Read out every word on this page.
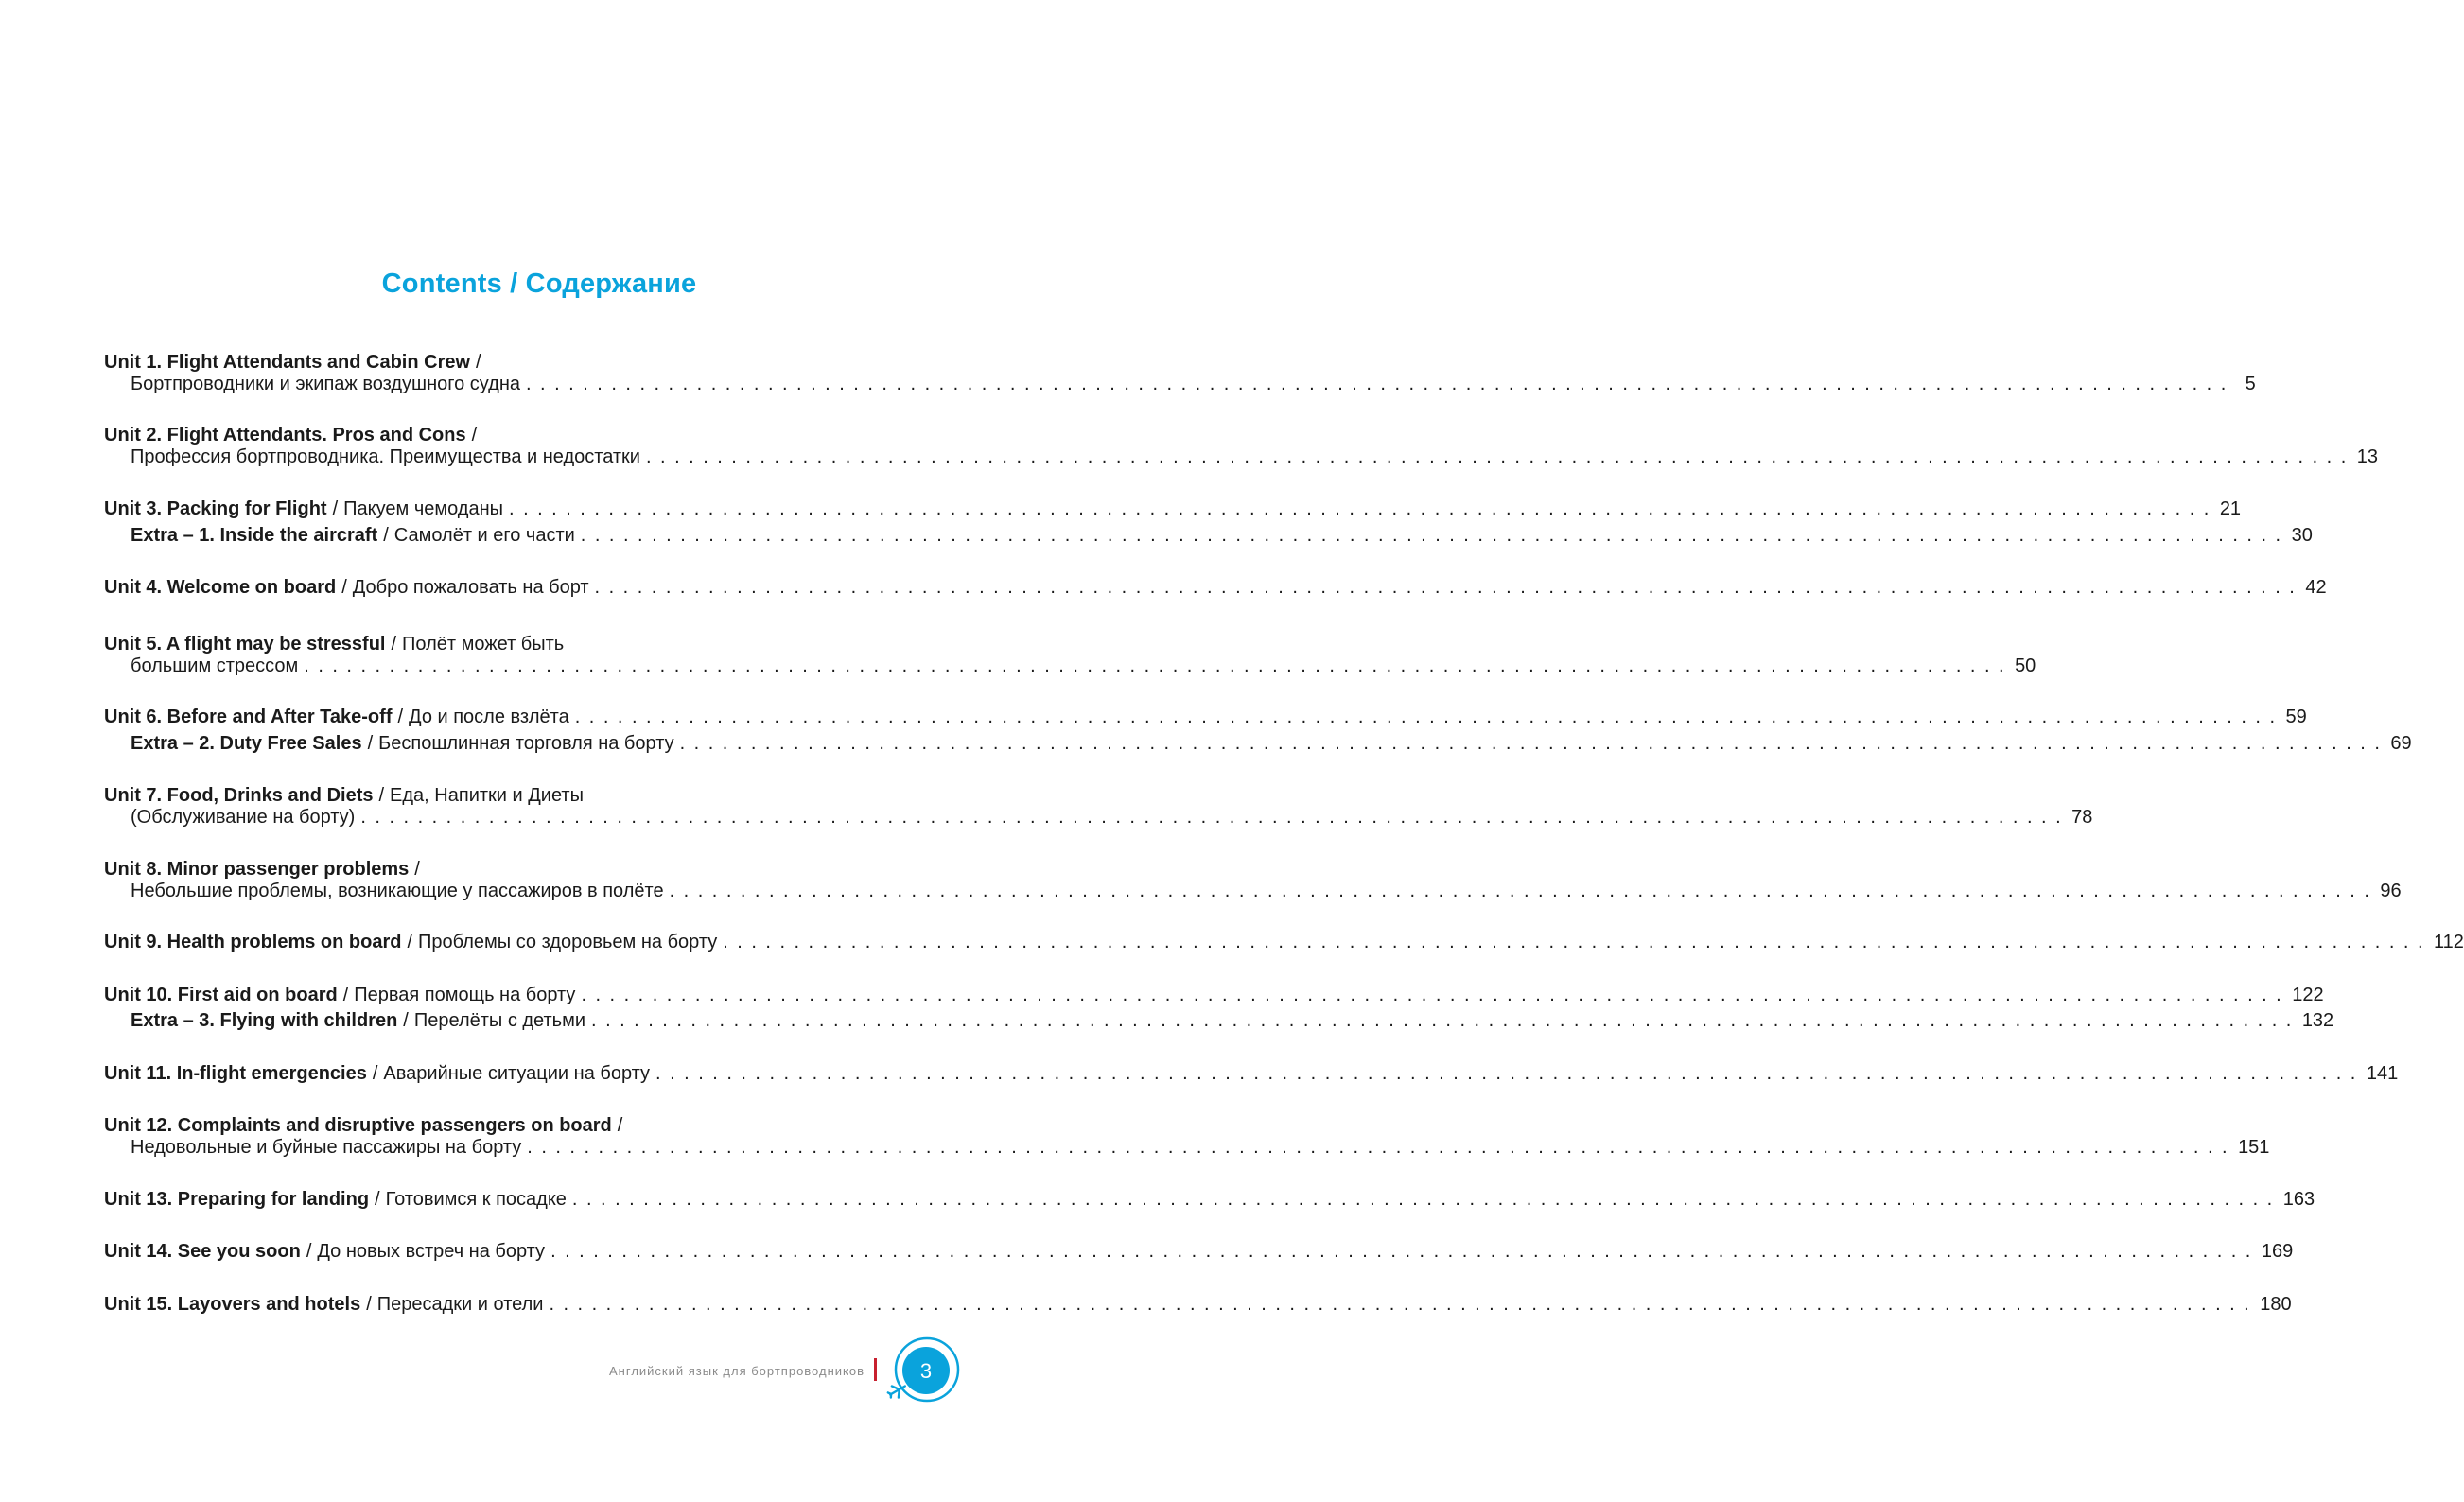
Contents / Содержание
Unit 1. Flight Attendants and Cabin Crew /
Бортпроводники и экипаж воздушного судна ........................................................................................................................ 5
Unit 2. Flight Attendants. Pros and Cons /
Профессия бортпроводника. Преимущества и недостатки ........................................................................................................................ 13
Unit 3. Packing for Flight / Пакуем чемоданы ........................................................................................................................ 21
Extra – 1. Inside the aircraft / Самолёт и его части ........................................................................................................................ 30
Unit 4. Welcome on board / Добро пожаловать на борт ........................................................................................................................ 42
Unit 5. A flight may be stressful / Полёт может быть
большим стрессом ........................................................................................................................ 50
Unit 6. Before and After Take-off / До и после взлёта ........................................................................................................................ 59
Extra – 2. Duty Free Sales / Беспошлинная торговля на борту ........................................................................................................................ 69
Unit 7. Food, Drinks and Diets / Еда, Напитки и Диеты
(Обслуживание на борту) ........................................................................................................................ 78
Unit 8. Minor passenger problems /
Небольшие проблемы, возникающие у пассажиров в полёте ........................................................................................................................ 96
Unit 9. Health problems on board / Проблемы со здоровьем на борту ........................................................................................................................ 112
Unit 10. First aid on board / Первая помощь на борту ........................................................................................................................ 122
Extra – 3. Flying with children / Перелёты с детьми ........................................................................................................................ 132
Unit 11. In-flight emergencies / Аварийные ситуации на борту ........................................................................................................................ 141
Unit 12. Complaints and disruptive passengers on board /
Недовольные и буйные пассажиры на борту ........................................................................................................................ 151
Unit 13. Preparing for landing / Готовимся к посадке ........................................................................................................................ 163
Unit 14. See you soon / До новых встреч на борту ........................................................................................................................ 169
Unit 15. Layovers and hotels / Пересадки и отели ........................................................................................................................ 180
Английский язык для бортпроводников	3
